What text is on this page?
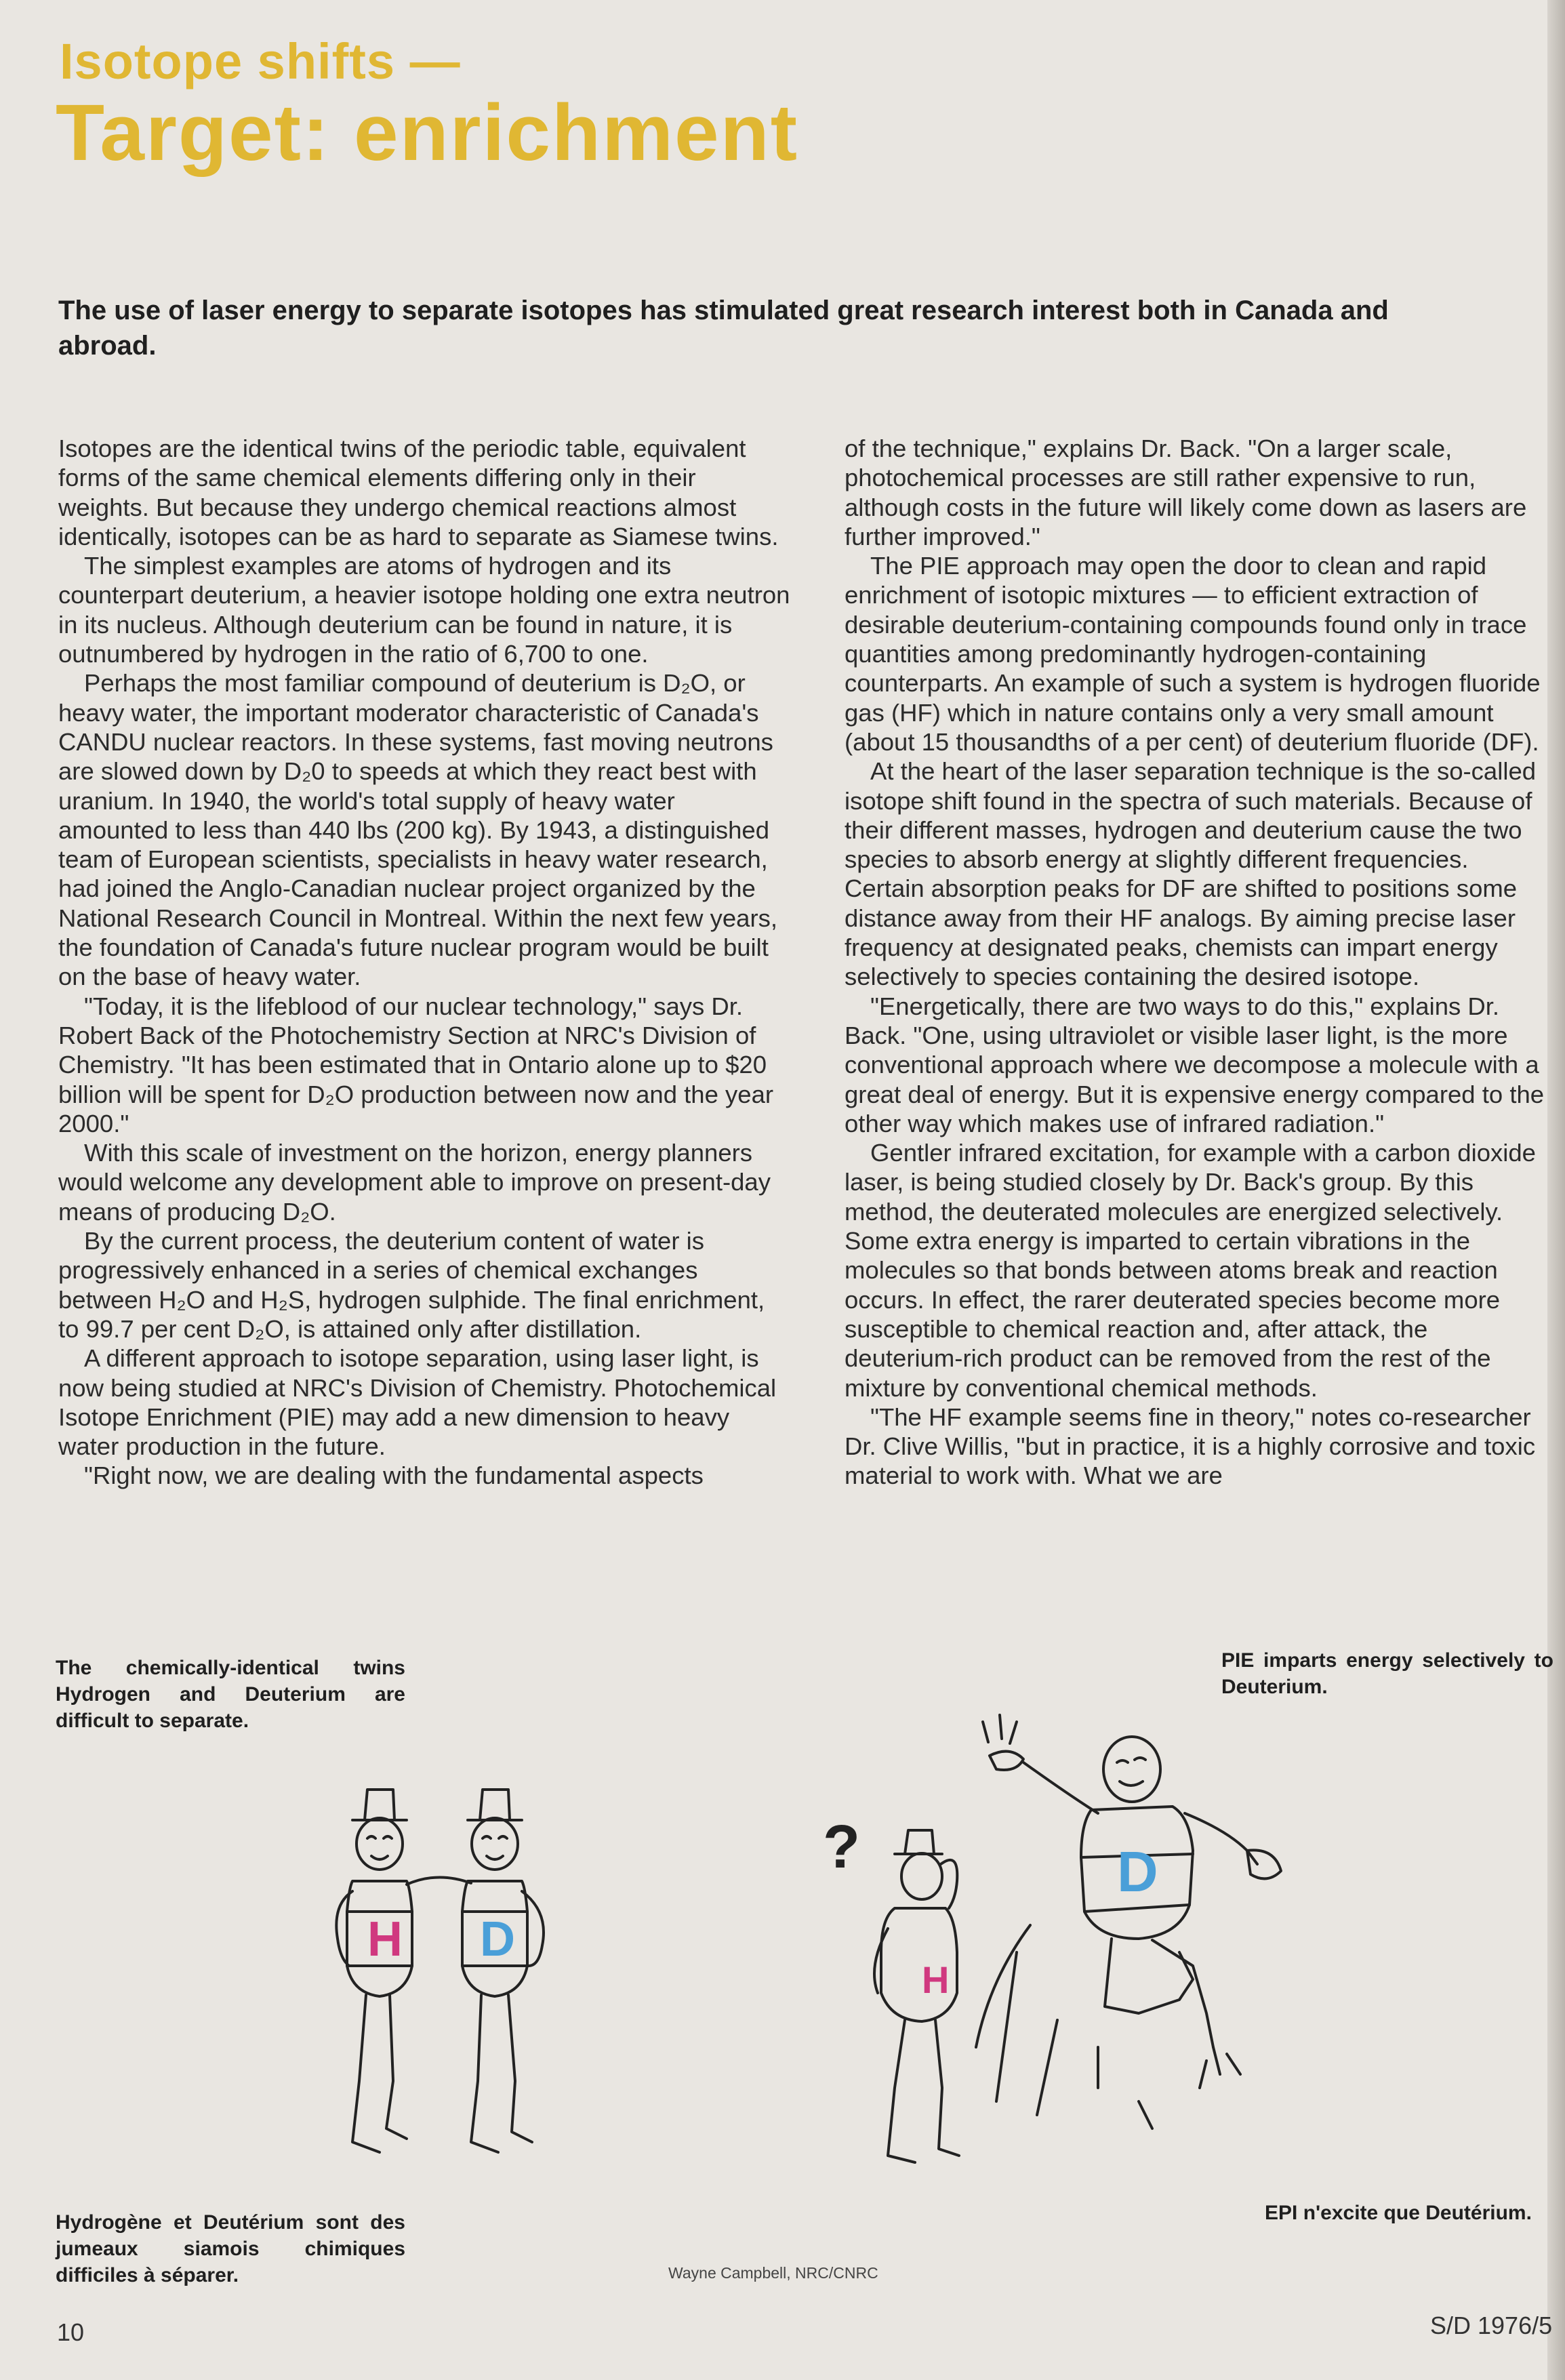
Isotope shifts —
Target: enrichment
The use of laser energy to separate isotopes has stimulated great research interest both in Canada and abroad.

Isotopes are the identical twins of the periodic table, equivalent forms of the same chemical elements differing only in their weights. But because they undergo chemical reactions almost identically, isotopes can be as hard to separate as Siamese twins.

The simplest examples are atoms of hydrogen and its counterpart deuterium, a heavier isotope holding one extra neutron in its nucleus. Although deuterium can be found in nature, it is outnumbered by hydrogen in the ratio of 6,700 to one.

Perhaps the most familiar compound of deuterium is D₂O, or heavy water, the important moderator characteristic of Canada's CANDU nuclear reactors. In these systems, fast moving neutrons are slowed down by D₂0 to speeds at which they react best with uranium. In 1940, the world's total supply of heavy water amounted to less than 440 lbs (200 kg). By 1943, a distinguished team of European scientists, specialists in heavy water research, had joined the Anglo-Canadian nuclear project organized by the National Research Council in Montreal. Within the next few years, the foundation of Canada's future nuclear program would be built on the base of heavy water.

"Today, it is the lifeblood of our nuclear technology," says Dr. Robert Back of the Photochemistry Section at NRC's Division of Chemistry. "It has been estimated that in Ontario alone up to $20 billion will be spent for D₂O production between now and the year 2000."

With this scale of investment on the horizon, energy planners would welcome any development able to improve on present-day means of producing D₂O.

By the current process, the deuterium content of water is progressively enhanced in a series of chemical exchanges between H₂O and H₂S, hydrogen sulphide. The final enrichment, to 99.7 per cent D₂O, is attained only after distillation.

A different approach to isotope separation, using laser light, is now being studied at NRC's Division of Chemistry. Photochemical Isotope Enrichment (PIE) may add a new dimension to heavy water production in the future.

"Right now, we are dealing with the fundamental aspects

of the technique," explains Dr. Back. "On a larger scale, photochemical processes are still rather expensive to run, although costs in the future will likely come down as lasers are further improved."

The PIE approach may open the door to clean and rapid enrichment of isotopic mixtures — to efficient extraction of desirable deuterium-containing compounds found only in trace quantities among predominantly hydrogen-containing counterparts. An example of such a system is hydrogen fluoride gas (HF) which in nature contains only a very small amount (about 15 thousandths of a per cent) of deuterium fluoride (DF).

At the heart of the laser separation technique is the so-called isotope shift found in the spectra of such materials. Because of their different masses, hydrogen and deuterium cause the two species to absorb energy at slightly different frequencies. Certain absorption peaks for DF are shifted to positions some distance away from their HF analogs. By aiming precise laser frequency at designated peaks, chemists can impart energy selectively to species containing the desired isotope.

"Energetically, there are two ways to do this," explains Dr. Back. "One, using ultraviolet or visible laser light, is the more conventional approach where we decompose a molecule with a great deal of energy. But it is expensive energy compared to the other way which makes use of infrared radiation."

Gentler infrared excitation, for example with a carbon dioxide laser, is being studied closely by Dr. Back's group. By this method, the deuterated molecules are energized selectively. Some extra energy is imparted to certain vibrations in the molecules so that bonds between atoms break and reaction occurs. In effect, the rarer deuterated species become more susceptible to chemical reaction and, after attack, the deuterium-rich product can be removed from the rest of the mixture by conventional chemical methods.

"The HF example seems fine in theory," notes co-researcher Dr. Clive Willis, "but in practice, it is a highly corrosive and toxic material to work with. What we are

The chemically-identical twins Hydrogen and Deuterium are difficult to separate.
Hydrogène et Deutérium sont des jumeaux siamois chimiques difficiles à séparer.
PIE imparts energy selectively to Deuterium.
EPI n'excite que Deutérium.
H D
?
H
D
Wayne Campbell, NRC/CNRC
10	S/D 1976/5
